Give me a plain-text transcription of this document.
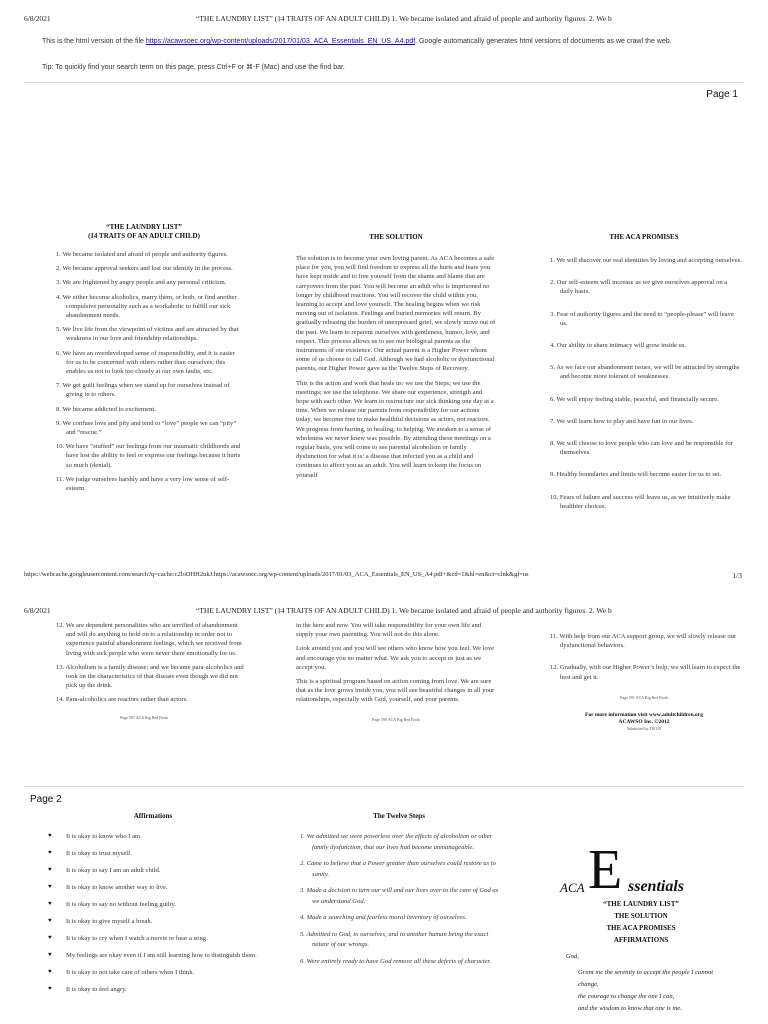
6/8/2021	“THE LAUNDRY LIST” (14 TRAITS OF AN ADULT CHILD) 1. We became isolated and afraid of people and authority figures. 2. We b
This is the html version of the file https://acawsoec.org/wp-content/uploads/2017/01/03_ACA_Essentials_EN_US_A4.pdf. Google automatically generates html versions of documents as we crawl the web.
Tip: To quickly find your search term on this page, press Ctrl+F or ⌘-F (Mac) and use the find bar.
Page 1
“THE LAUNDRY LIST”
(14 TRAITS OF AN ADULT CHILD)
1. We became isolated and afraid of people and authority figures.
2. We became approval seekers and lost our identity in the process.
3. We are frightened by angry people and any personal criticism.
4. We either become alcoholics, marry them, or both, or find another compulsive personality such as a workaholic to fulfill our sick abandonment needs.
5. We live life from the viewpoint of victims and are attracted by that weakness in our love and friendship relationships.
6. We have an overdeveloped sense of responsibility, and it is easier for us to be concerned with others rather than ourselves; this enables us not to look too closely at our own faults, etc.
7. We get guilt feelings when we stand up for ourselves instead of giving in to others.
8. We became addicted to excitement.
9. We confuse love and pity and tend to “love” people we can “pity” and “rescue.”
10. We have “stuffed” our feelings from our traumatic childhoods and have lost the ability to feel or express our feelings because it hurts so much (denial).
11. We judge ourselves harshly and have a very low sense of self-esteem.
THE SOLUTION
The solution is to become your own loving parent. As ACA becomes a safe place for you, you will find freedom to express all the hurts and fears you have kept inside and to free yourself from the shame and blame that are carryovers from the past. You will become an adult who is imprisoned no longer by childhood reactions. You will recover the child within you, learning to accept and love yourself. The healing begins when we risk moving out of isolation. Feelings and buried memories will return. By gradually releasing the burden of unexpressed grief, we slowly move out of the past. We learn to reparent ourselves with gentleness, humor, love, and respect. This process allows us to see our biological parents as the instruments of our existence. Our actual parent is a Higher Power whom some of us choose to call God. Although we had alcoholic or dysfunctional parents, our Higher Power gave us the Twelve Steps of Recovery.
This is the action and work that heals us: we use the Steps; we use the meetings; we use the telephone. We share our experience, strength and hope with each other. We learn to restructure our sick thinking one day at a time. When we release our parents from responsibility for our actions today, we become free to make healthful decisions as actors, not reactors. We progress from hurting, to healing, to helping. We awaken to a sense of wholeness we never knew was possible. By attending these meetings on a regular basis, you will come to see parental alcoholism or family dysfunction for what it is: a disease that infected you as a child and continues to affect you as an adult. You will learn to keep the focus on yourself
THE ACA PROMISES
1. We will discover our real identities by loving and accepting ourselves.
2. Our self-esteem will increase as we give ourselves approval on a daily basis.
3. Fear of authority figures and the need to “people-please” will leave us.
4. Our ability to share intimacy will grow inside us.
5. As we face our abandonment issues, we will be attracted by strengths and become more tolerant of weaknesses.
6. We will enjoy feeling stable, peaceful, and financially secure.
7. We will learn how to play and have fun in our lives.
8. We will choose to love people who can love and be responsible for themselves.
9. Healthy boundaries and limits will become easier for us to set.
10. Fears of failure and success will leave us, as we intuitively make healthier choices.
https://webcache.googleusercontent.com/search?q=cache:c2loDHH2ukJ:https://acawsoec.org/wp-content/uploads/2017/01/03_ACA_Essentials_EN_US_A4.pdf+&cd=1&hl=en&ct=clnk&gl=us	1/3
6/8/2021	“THE LAUNDRY LIST” (14 TRAITS OF AN ADULT CHILD) 1. We became isolated and afraid of people and authority figures. 2. We b
12. We are dependent personalities who are terrified of abandonment and will do anything to hold on to a relationship in order not to experience painful abandonment feelings, which we received from living with sick people who were never there emotionally for us.
13. Alcoholism is a family disease; and we became para-alcoholics and took on the characteristics of that disease even though we did not pick up the drink.
14. Para-alcoholics are reactors rather than actors.
Page 587 ACA Big Red Book
in the here and now. You will take responsibility for your own life and supply your own parenting. You will not do this alone.
Look around you and you will see others who know how you feel. We love and encourage you no matter what. We ask you to accept us just as we accept you.
This is a spiritual program based on action coming from love. We are sure that as the love grows inside you, you will see beautiful changes in all your relationships, especially with God, yourself, and your parents.
Page 590 ACA Big Red Book
11. With help from our ACA support group, we will slowly release our dysfunctional behaviors.
12. Gradually, with our Higher Power’s help, we will learn to expect the best and get it.
Page 591 ACA Big Red Book
For more information visit www.adultchildren.org
ACAWSO Inc. ©2012
Submitted by TSO29
Page 2
Affirmations
♥ It is okay to know who I am.
♥ It is okay to trust myself.
♥ It is okay to say I am an adult child.
♥ It is okay to know another way to live.
♥ It is okay to say no without feeling guilty.
♥ It is okay to give myself a break.
♥ It is okay to cry when I watch a movie or hear a song.
♥ My feelings are okay even if I am still learning how to distinguish them.
♥ It is okay to not take care of others when I think.
♥ It is okay to feel angry.
The Twelve Steps
1. We admitted we were powerless over the effects of alcoholism or other family dysfunction, that our lives had become unmanageable.
2. Came to believe that a Power greater than ourselves could restore us to sanity.
3. Made a decision to turn our will and our lives over to the care of God as we understand God.
4. Made a searching and fearless moral inventory of ourselves.
5. Admitted to God, to ourselves, and to another human being the exact nature of our wrongs.
6. Were entirely ready to have God remove all these defects of character.
ACA E ssentials
“THE LAUNDRY LIST”
THE SOLUTION
THE ACA PROMISES
AFFIRMATIONS
God,
Grant me the serenity to accept the people I cannot change,
the courage to change the one I can,
and the wisdom to know that one is me.
